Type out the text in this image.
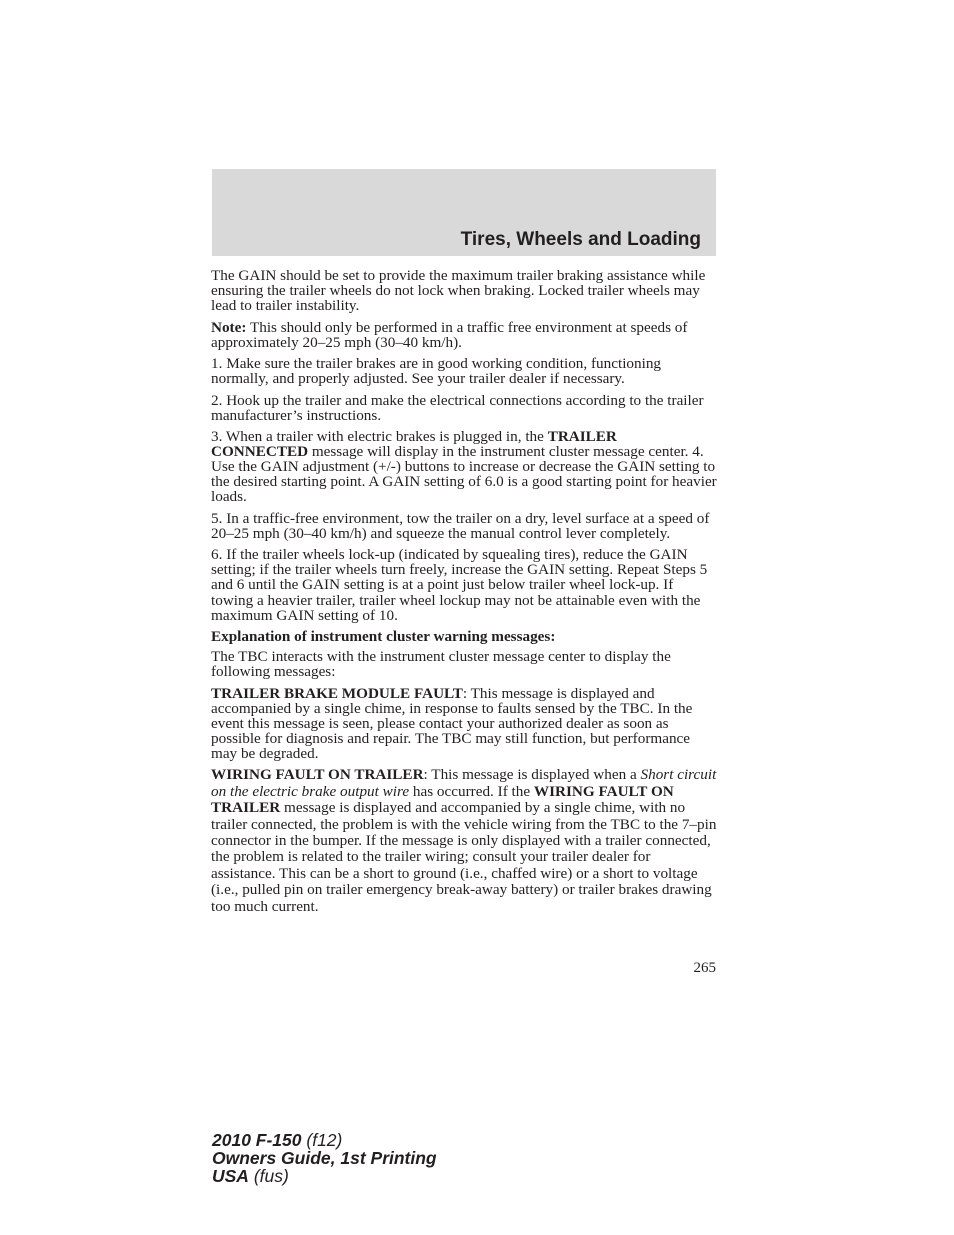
Tires, Wheels and Loading

The GAIN should be set to provide the maximum trailer braking assistance while ensuring the trailer wheels do not lock when braking. Locked trailer wheels may lead to trailer instability.

Note: This should only be performed in a traffic free environment at speeds of approximately 20–25 mph (30–40 km/h).

1. Make sure the trailer brakes are in good working condition, functioning normally, and properly adjusted. See your trailer dealer if necessary.

2. Hook up the trailer and make the electrical connections according to the trailer manufacturer’s instructions.

3. When a trailer with electric brakes is plugged in, the TRAILER CONNECTED message will display in the instrument cluster message center. 4. Use the GAIN adjustment (+/-) buttons to increase or decrease the GAIN setting to the desired starting point. A GAIN setting of 6.0 is a good starting point for heavier loads.

5. In a traffic-free environment, tow the trailer on a dry, level surface at a speed of 20–25 mph (30–40 km/h) and squeeze the manual control lever completely.

6. If the trailer wheels lock-up (indicated by squealing tires), reduce the GAIN setting; if the trailer wheels turn freely, increase the GAIN setting. Repeat Steps 5 and 6 until the GAIN setting is at a point just below trailer wheel lock-up. If towing a heavier trailer, trailer wheel lockup may not be attainable even with the maximum GAIN setting of 10.

Explanation of instrument cluster warning messages:

The TBC interacts with the instrument cluster message center to display the following messages:

TRAILER BRAKE MODULE FAULT: This message is displayed and accompanied by a single chime, in response to faults sensed by the TBC. In the event this message is seen, please contact your authorized dealer as soon as possible for diagnosis and repair. The TBC may still function, but performance may be degraded.

WIRING FAULT ON TRAILER: This message is displayed when a Short circuit on the electric brake output wire has occurred. If the WIRING FAULT ON TRAILER message is displayed and accompanied by a single chime, with no trailer connected, the problem is with the vehicle wiring from the TBC to the 7–pin connector in the bumper. If the message is only displayed with a trailer connected, the problem is related to the trailer wiring; consult your trailer dealer for assistance. This can be a short to ground (i.e., chaffed wire) or a short to voltage (i.e., pulled pin on trailer emergency break-away battery) or trailer brakes drawing too much current.

265
2010 F-150 (f12)
Owners Guide, 1st Printing
USA (fus)
